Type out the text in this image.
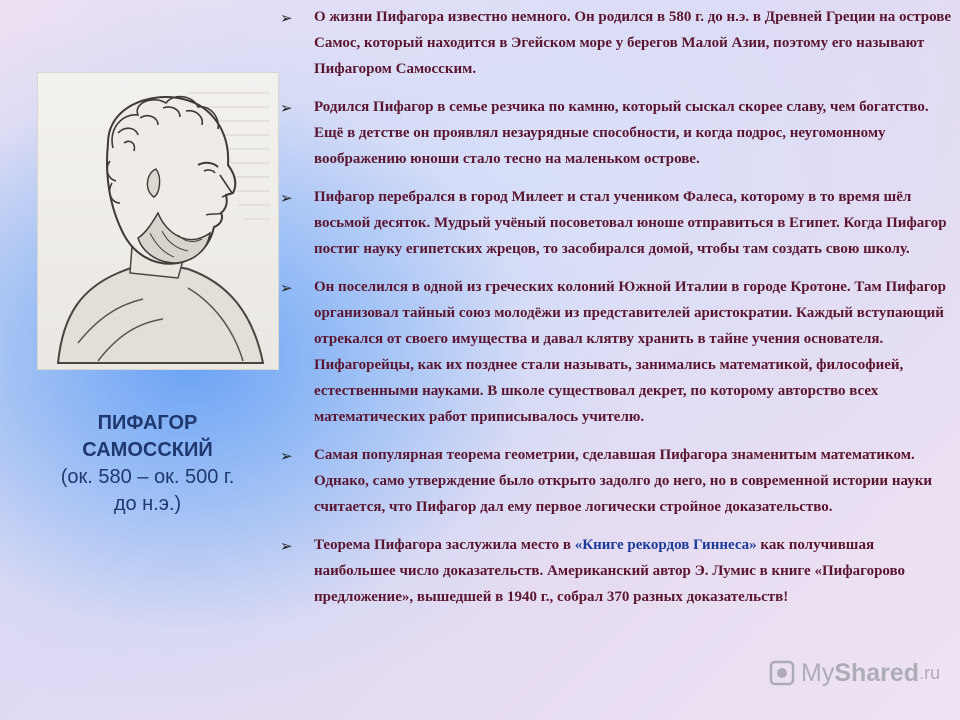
ПИФАГОР
САМОССКИЙ
(ок. 580 – ок. 500 г.
до н.э.)
➢ О жизни Пифагора известно немного. Он родился в 580 г. до н.э. в Древней Греции на острове Самос, который находится в Эгейском море у берегов Малой Азии, поэтому его называют Пифагором Самосским.
➢ Родился Пифагор в семье резчика по камню, который сыскал скорее славу, чем богатство. Ещё в детстве он проявлял незаурядные способности, и когда подрос, неугомонному воображению юноши стало тесно на маленьком острове.
➢ Пифагор перебрался в город Милеет и стал учеником Фалеса, которому в то время шёл восьмой десяток. Мудрый учёный посоветовал юноше отправиться в Египет. Когда Пифагор постиг науку египетских жрецов, то засобирался домой, чтобы там создать свою школу.
➢ Он поселился в одной из греческих колоний Южной Италии в городе Кротоне. Там Пифагор организовал тайный союз молодёжи из представителей аристократии. Каждый вступающий отрекался от своего имущества и давал клятву хранить в тайне учения основателя. Пифагорейцы, как их позднее стали называть, занимались математикой, философией, естественными науками. В школе существовал декрет, по которому авторство всех математических работ приписывалось учителю.
➢ Самая популярная теорема геометрии, сделавшая Пифагора знаменитым математиком. Однако, само утверждение было открыто задолго до него, но в современной истории науки считается, что Пифагор дал ему первое логически стройное доказательство.
➢ Теорема Пифагора заслужила место в «Книге рекордов Гиннеса» как получившая наибольшее число доказательств. Американский автор Э. Лумис в книге «Пифагорово предложение», вышедшей в 1940 г., собрал 370 разных доказательств!
My Shared .ru
